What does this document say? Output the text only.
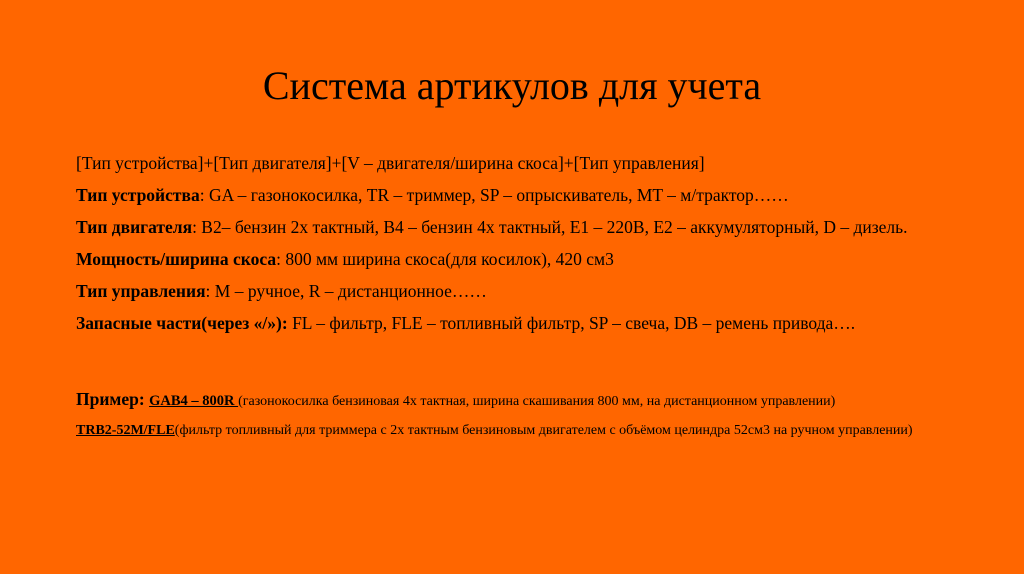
Система артикулов для учета

[Тип устройства]+[Тип двигателя]+[V – двигателя/ширина скоса]+[Тип управления]

Тип устройства: GA – газонокосилка, TR – триммер, SP – опрыскиватель, MT – м/трактор……

Тип двигателя: B2– бензин 2х тактный, B4 – бензин 4х тактный, E1 – 220В, E2 – аккумуляторный, D – дизель.

Мощность/ширина скоса: 800 мм ширина скоса(для косилок), 420 см3

Тип управления: M – ручное, R – дистанционное……

Запасные части(через «/»): FL – фильтр, FLE – топливный фильтр, SP – свеча, DB – ремень привода….

Пример: GAB4 – 800R (газонокосилка бензиновая 4х тактная, ширина скашивания 800 мм, на дистанционном управлении)

TRB2-52M/FLE(фильтр топливный для триммера с 2х тактным бензиновым двигателем с объёмом целиндра 52см3 на ручном управлении)
